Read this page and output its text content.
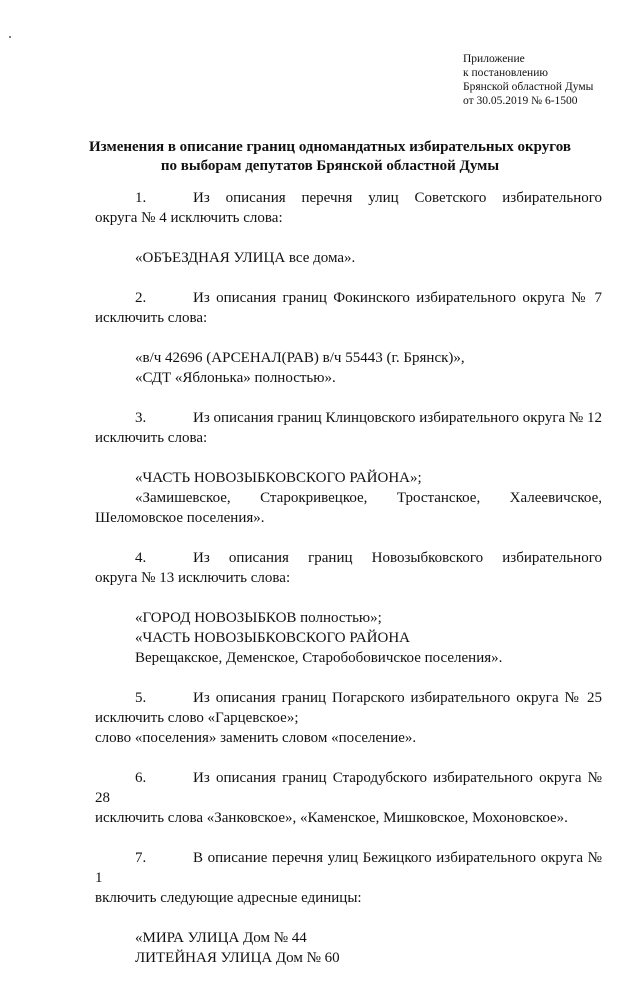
Приложение
к постановлению
Брянской областной Думы
от 30.05.2019 № 6-1500
Изменения в описание границ одномандатных избирательных округов
по выборам депутатов Брянской областной Думы
1.	Из описания перечня улиц Советского избирательного
округа № 4 исключить слова:
«ОБЪЕЗДНАЯ УЛИЦА все дома».
2.	Из описания границ Фокинского избирательного округа № 7
исключить слова:
«в/ч 42696 (АРСЕНАЛ(РАВ) в/ч 55443 (г. Брянск)»,
«СДТ «Яблонька» полностью».
3.	Из описания границ Клинцовского избирательного округа № 12
исключить слова:
«ЧАСТЬ НОВОЗЫБКОВСКОГО РАЙОНА»;
«Замишевское, Старокривецкое, Тростанское, Халеевичское,
Шеломовское поселения».
4.	Из описания границ Новозыбковского избирательного
округа № 13 исключить слова:
«ГОРОД НОВОЗЫБКОВ полностью»;
«ЧАСТЬ НОВОЗЫБКОВСКОГО РАЙОНА
Верещакское, Деменское, Старобобовичское поселения».
5.	Из описания границ Погарского избирательного округа № 25
исключить слово «Гарцевское»;
слово «поселения» заменить словом «поселение».
6.	Из описания границ Стародубского избирательного округа № 28
исключить слова «Занковское», «Каменское, Мишковское, Мохоновское».
7.	В описание перечня улиц Бежицкого избирательного округа № 1
включить следующие адресные единицы:
«МИРА УЛИЦА Дом № 44
ЛИТЕЙНАЯ УЛИЦА Дом № 60
